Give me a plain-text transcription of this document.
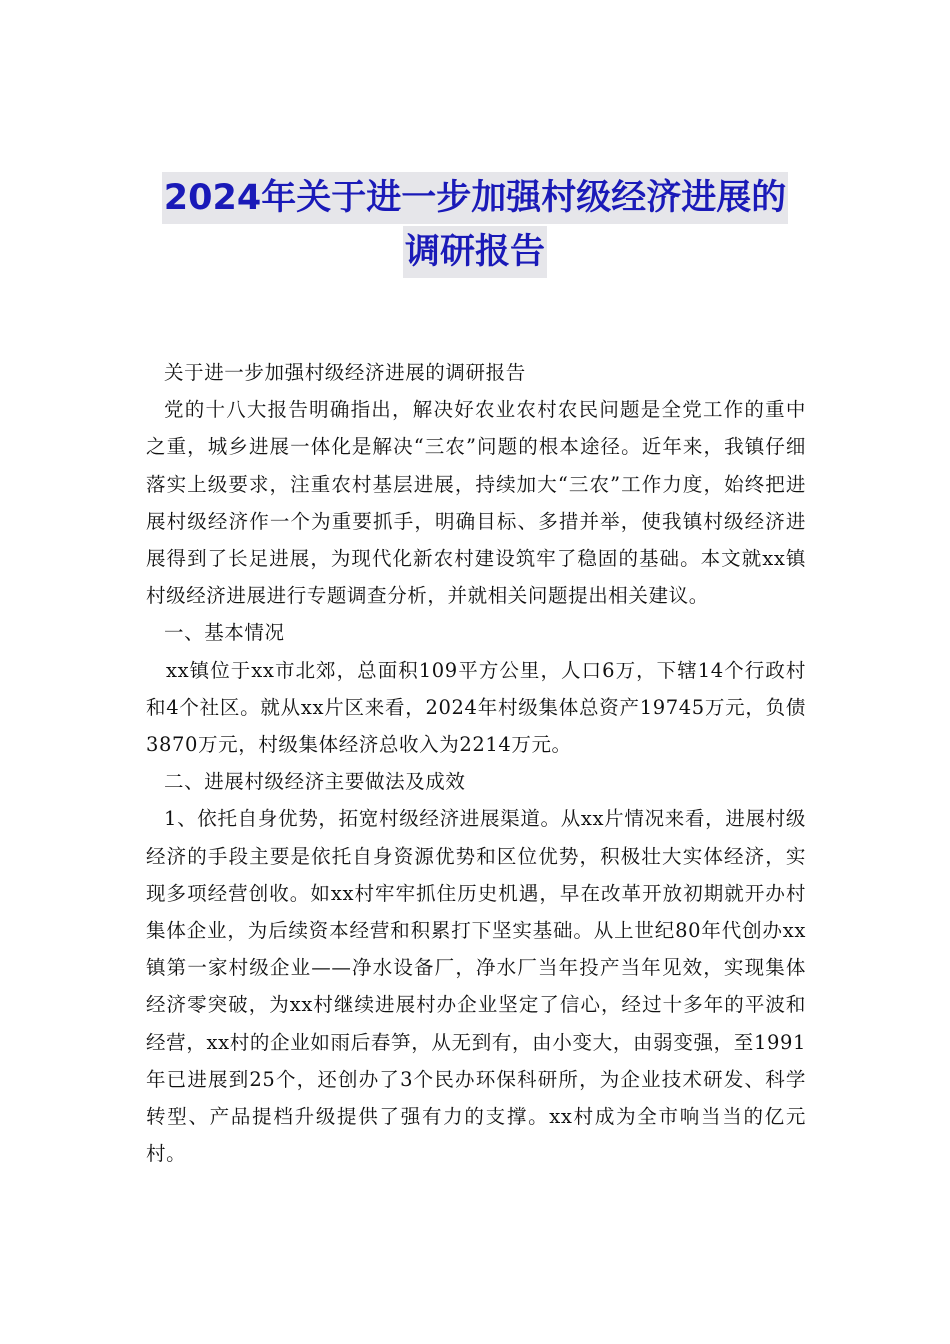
2024年关于进一步加强村级经济进展的
调研报告

关于进一步加强村级经济进展的调研报告

党的十八大报告明确指出，解决好农业农村农民问题是全党工作的重中之重，城乡进展一体化是解决“三农”问题的根本途径。近年来，我镇仔细落实上级要求，注重农村基层进展，持续加大“三农”工作力度，始终把进展村级经济作一个为重要抓手，明确目标、多措并举，使我镇村级经济进展得到了长足进展，为现代化新农村建设筑牢了稳固的基础。本文就xx镇村级经济进展进行专题调查分析，并就相关问题提出相关建议。

一、基本情况

xx镇位于xx市北郊，总面积109平方公里，人口6万，下辖14个行政村和4个社区。就从xx片区来看，2024年村级集体总资产19745万元，负债3870万元，村级集体经济总收入为2214万元。

二、进展村级经济主要做法及成效

1、依托自身优势，拓宽村级经济进展渠道。从xx片情况来看，进展村级经济的手段主要是依托自身资源优势和区位优势，积极壮大实体经济，实现多项经营创收。如xx村牢牢抓住历史机遇，早在改革开放初期就开办村集体企业，为后续资本经营和积累打下坚实基础。从上世纪80年代创办xx镇第一家村级企业——净水设备厂，净水厂当年投产当年见效，实现集体经济零突破，为xx村继续进展村办企业坚定了信心，经过十多年的平波和经营，xx村的企业如雨后春笋，从无到有，由小变大，由弱变强，至1991年已进展到25个，还创办了3个民办环保科研所，为企业技术研发、科学转型、产品提档升级提供了强有力的支撑。xx村成为全市响当当的亿元村。
